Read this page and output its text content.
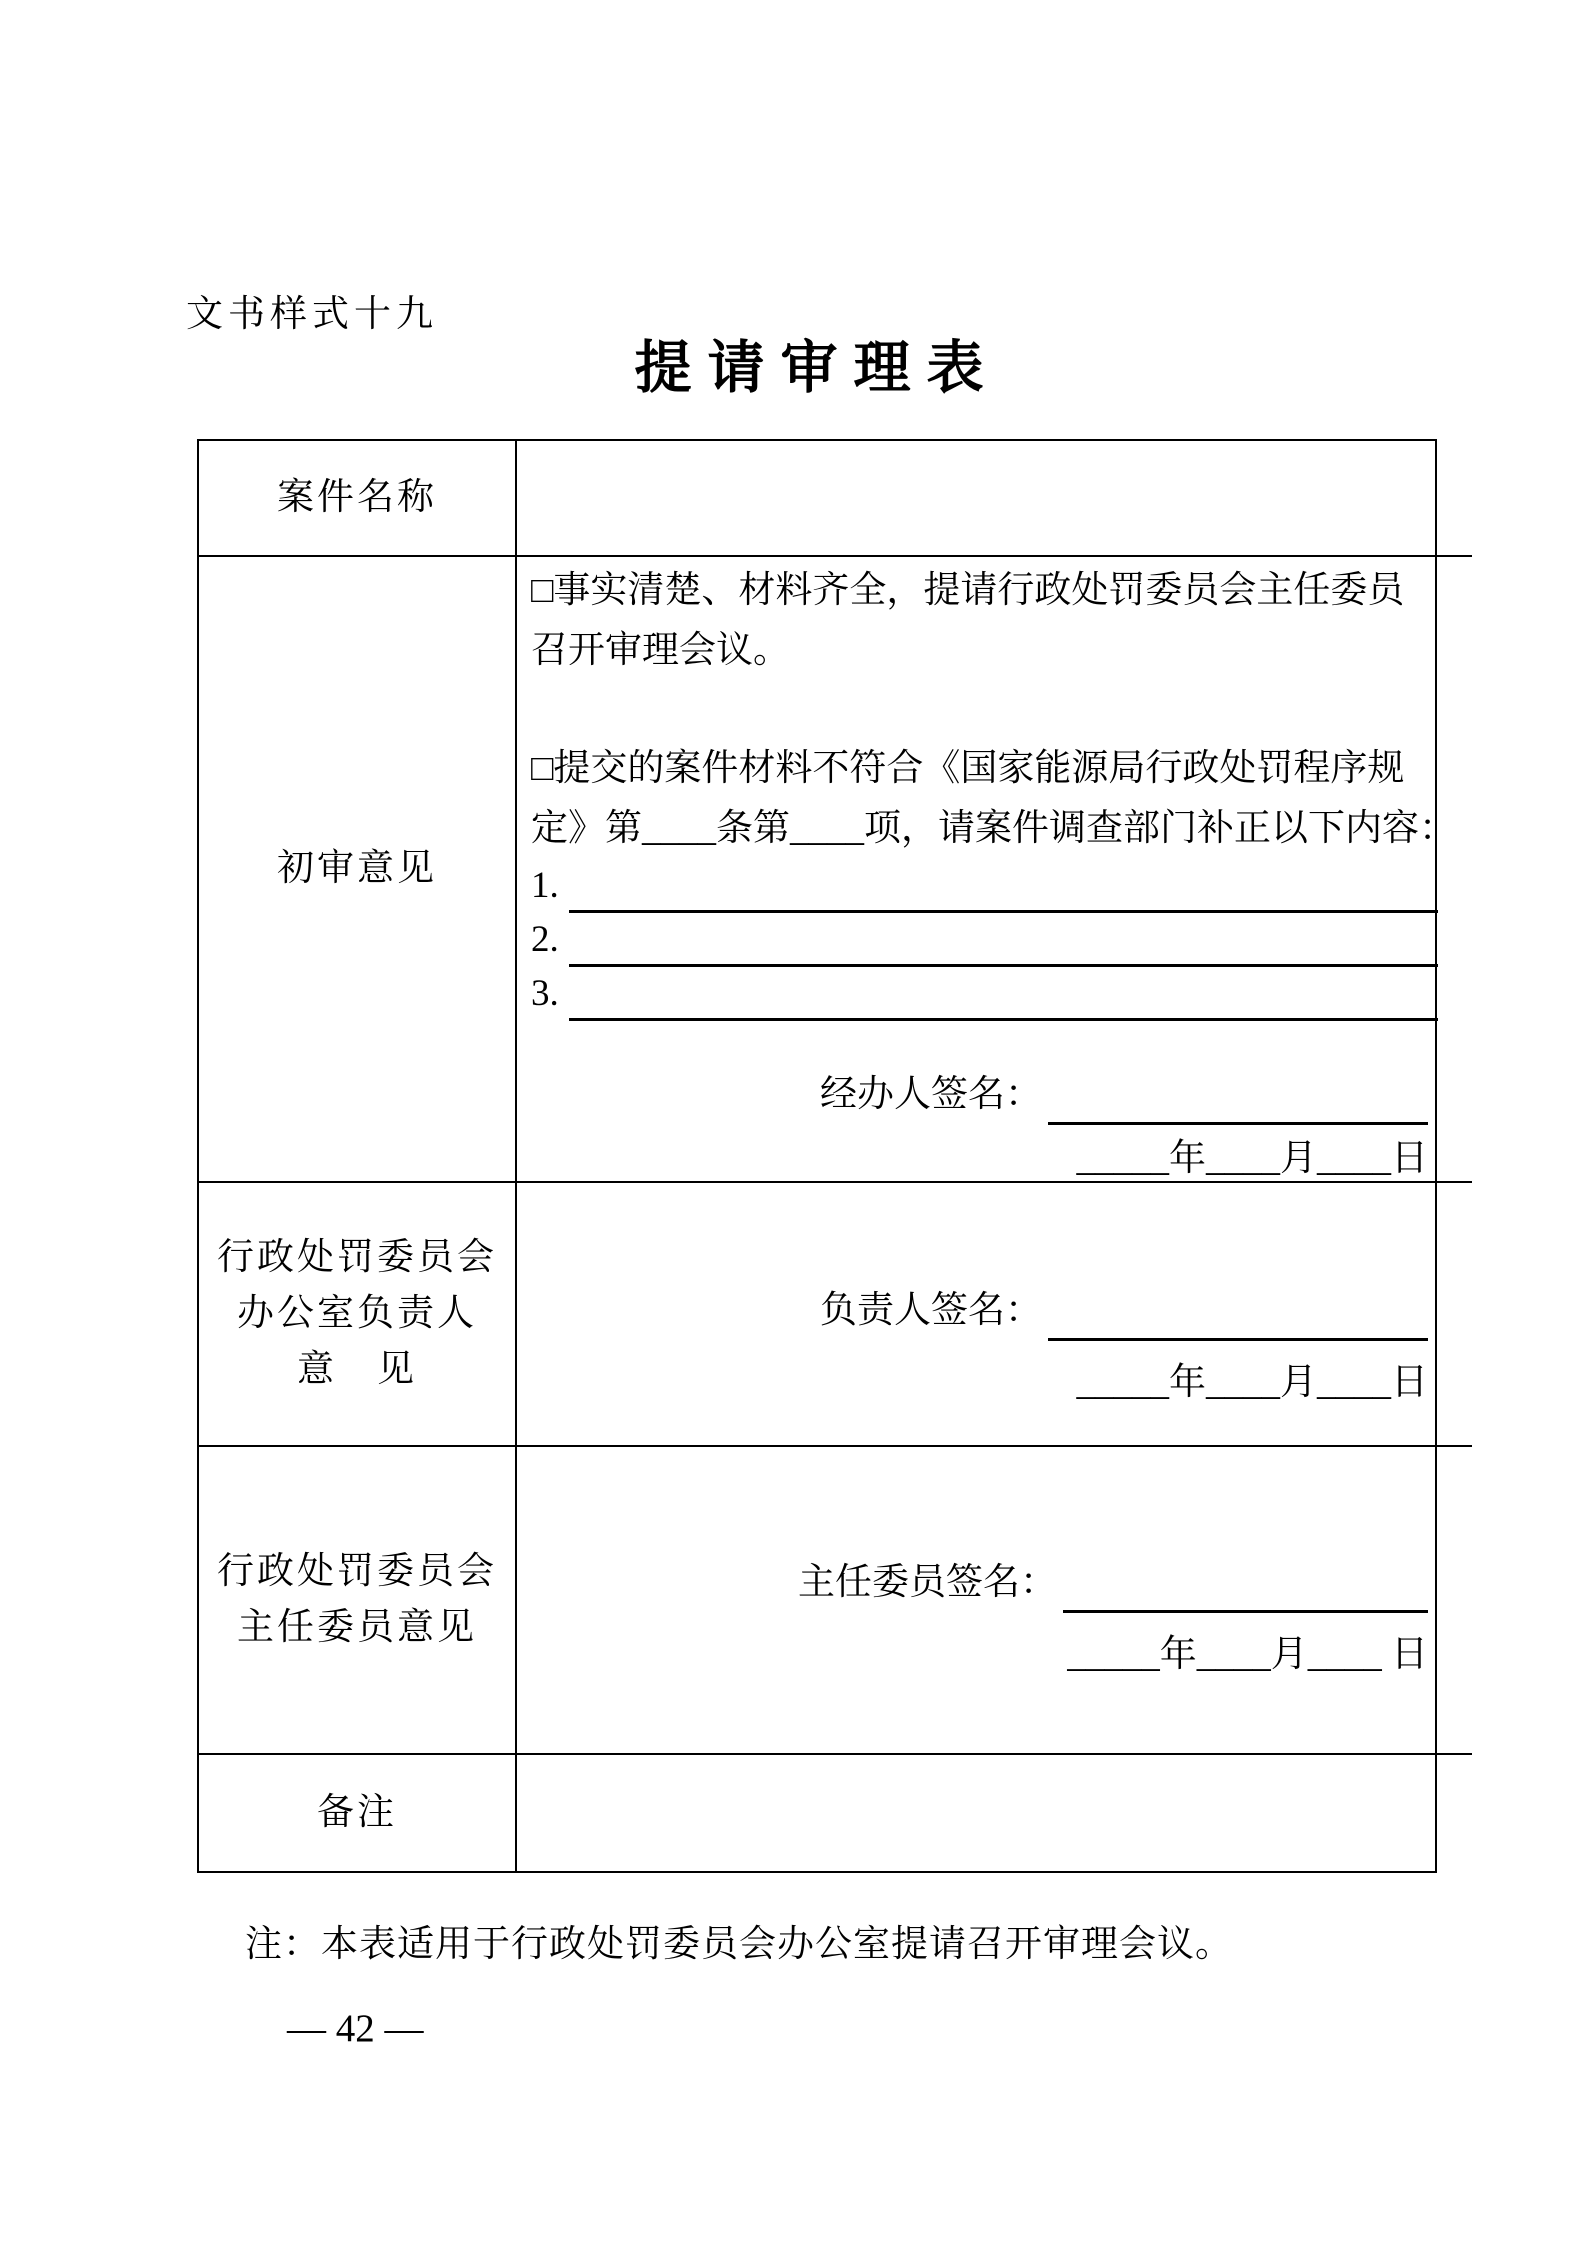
文书样式十九
提请审理表
案件名称
初审意见
□事实清楚、材料齐全，提请行政处罚委员会主任委员
召开审理会议。
□提交的案件材料不符合《国家能源局行政处罚程序规
定》第____条第____项，请案件调查部门补正以下内容：
1.
2.
3.
经办人签名：
_____年____月____日
行政处罚委员会
办公室负责人
意　见
负责人签名：
_____年____月____日
行政处罚委员会
主任委员意见
主任委员签名：
_____年____月____ 日
备注
注：本表适用于行政处罚委员会办公室提请召开审理会议。
— 42 —
